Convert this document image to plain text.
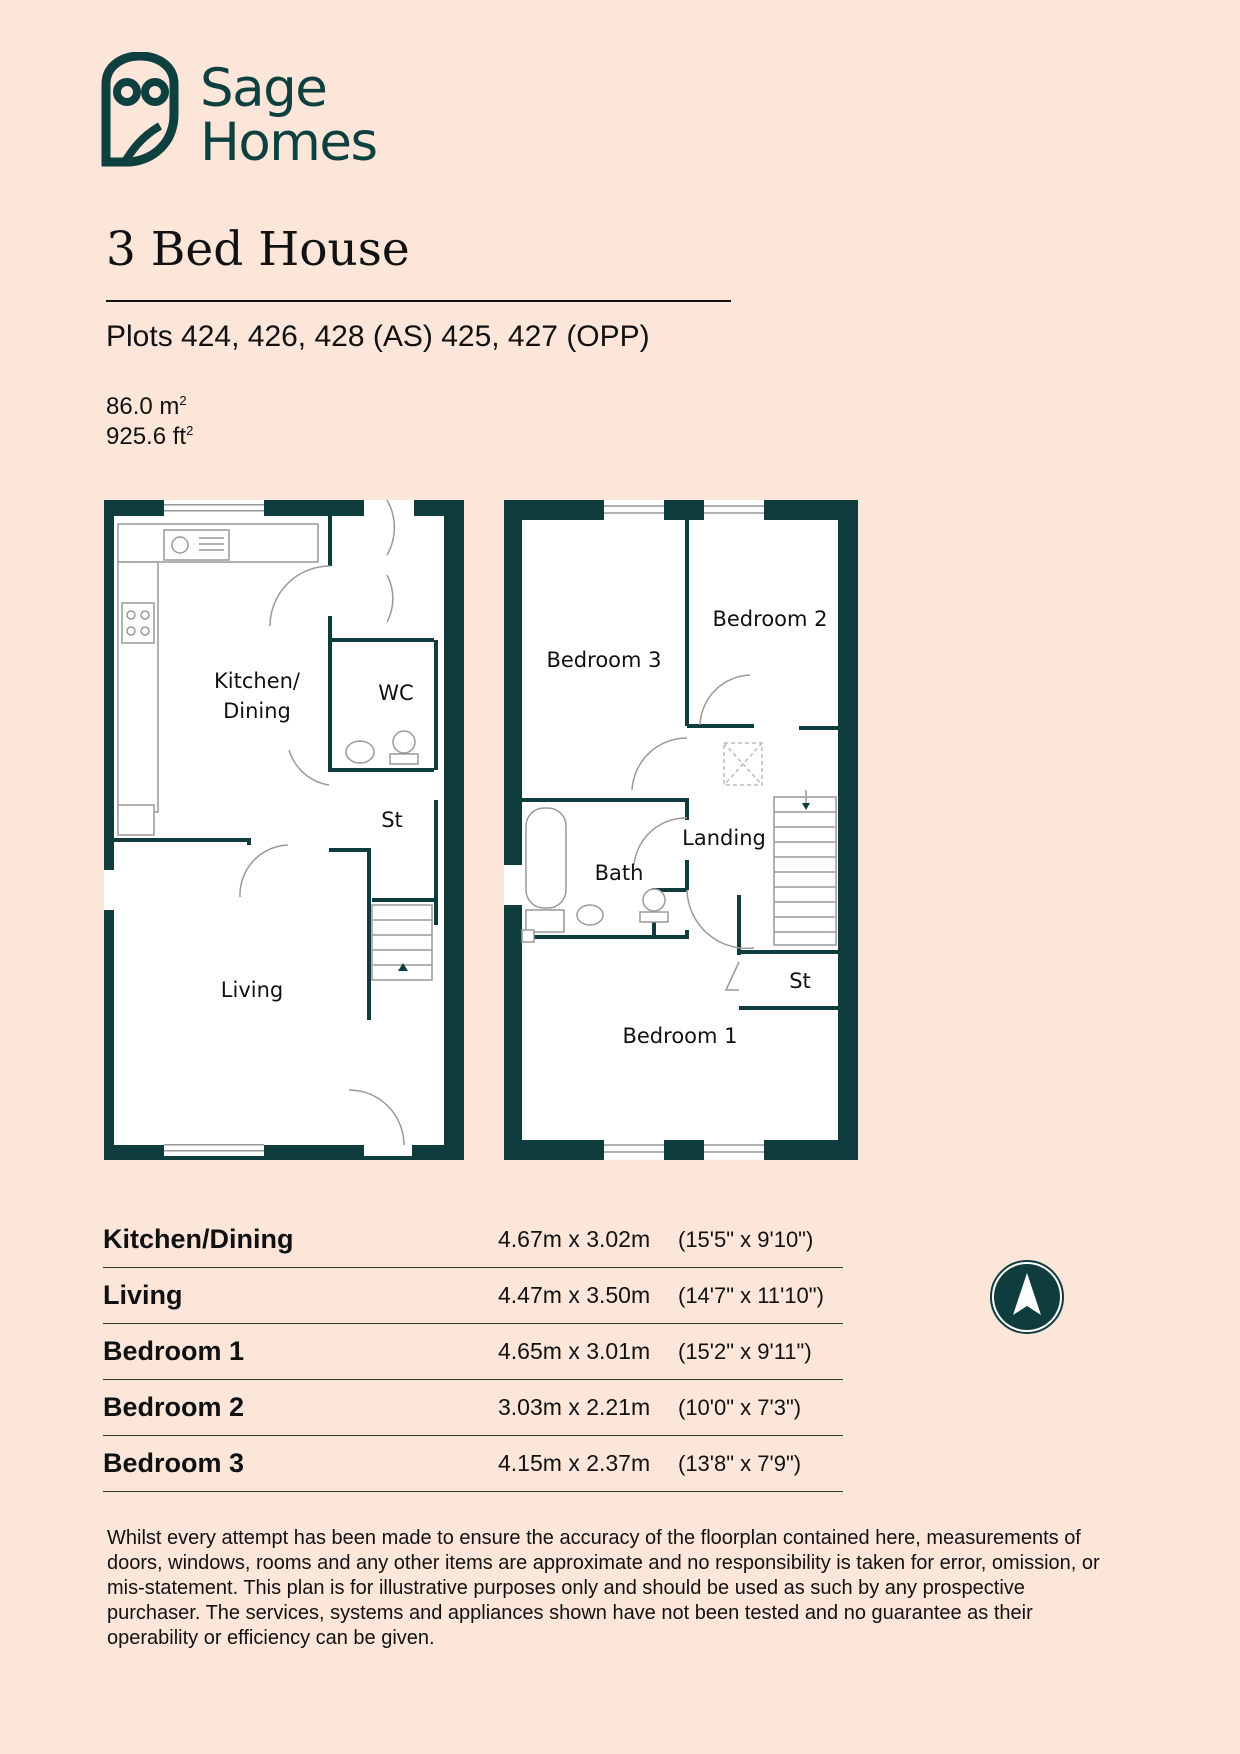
Sage
Homes
3 Bed House
Plots 424, 426, 428 (AS) 425, 427 (OPP)
86.0 $m^2$
925.6 $ft^2$
Kitchen/
Dining
WC
St
Living
Bedroom 3
Bedroom 2
Landing
Bath
St
Bedroom 1
Kitchen/Dining	4.67m x 3.02m	(15'5" x 9'10")
Living	4.47m x 3.50m	(14'7" x 11'10")
Bedroom 1	4.65m x 3.01m	(15'2" x 9'11")
Bedroom 2	3.03m x 2.21m	(10'0" x 7'3")
Bedroom 3	4.15m x 2.37m	(13'8" x 7'9")
Whilst every attempt has been made to ensure the accuracy of the floorplan contained here, measurements of doors, windows, rooms and any other items are approximate and no responsibility is taken for error, omission, or mis-statement. This plan is for illustrative purposes only and should be used as such by any prospective purchaser. The services, systems and appliances shown have not been tested and no guarantee as their operability or efficiency can be given.
